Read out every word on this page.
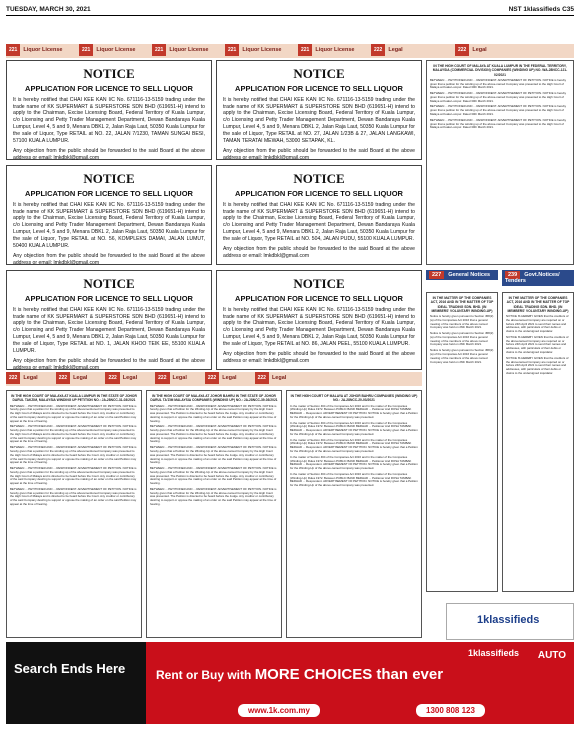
TUESDAY, MARCH 30, 2021	NST 1klassifieds C35
221 Liquor License	221 Liquor License	221 Liquor License	221 Liquor License	221 Liquor License	222 Legal	222 Legal
NOTICE
APPLICATION FOR LICENCE TO SELL LIQUOR

It is hereby notified that CHAI KEE KAN I/C No. 671116-13-5159 trading under the trade name of KK SUPERMART & SUPERSTORE SDN BHD (619651-H) intend to apply to the Chairman, Excise Licensing Board, Federal Territory of Kuala Lumpur, c/o Licensing and Petty Trader Management Department, Dewan Bandaraya Kuala Lumpur, Level 4, 5 and 9, Menara DBKL 2, Jalan Raja Laut, 50350 Kuala Lumpur for the sale of Liquor, Type RETAIL at NO. 22, JALAN 7/1230, TAMAN SUNGAI BESI, 57100 KUALA LUMPUR.

Any objection from the public should be forwarded to the said Board at the above address or email: lmkdbkl@gmail.com

NOTICE
APPLICATION FOR LICENCE TO SELL LIQUOR

It is hereby notified that CHAI KEE KAN I/C No. 671116-13-5159 trading under the trade name of KK SUPERMART & SUPERSTORE SDN BHD (619651-H) intend to apply to the Chairman, Excise Licensing Board, Federal Territory of Kuala Lumpur, c/o Licensing and Petty Trader Management Department, Dewan Bandaraya Kuala Lumpur, Level 4, 5 and 9, Menara DBKL 2, Jalan Raja Laut, 50350 Kuala Lumpur for the sale of Liquor, Type RETAIL at NO. 27, JALAN 1/23B & 27, JALAN LANGKAWI, TAMAN TERATAI MEWAH, 53000 SETAPAK, KL.

Any objection from the public should be forwarded to the said Board at the above address or email: lmkdbkl@gmail.com

NOTICE
APPLICATION FOR LICENCE TO SELL LIQUOR

It is hereby notified that CHAI KEE KAN I/C No. 671116-13-5159 trading under the trade name of KK SUPERMART & SUPERSTORE SDN BHD (619651-H) intend to apply to the Chairman, Excise Licensing Board, Federal Territory of Kuala Lumpur, c/o Licensing and Petty Trader Management Department, Dewan Bandaraya Kuala Lumpur, Level 4, 5 and 9, Menara DBKL 2, Jalan Raja Laut, 50350 Kuala Lumpur for the sale of Liquor, Type RETAIL at NO. 56, KOMPLEKS DAMAI, JALAN LUMUT, 50400 KUALA LUMPUR.

Any objection from the public should be forwarded to the said Board at the above address or email: lmkdbkl@gmail.com

NOTICE
APPLICATION FOR LICENCE TO SELL LIQUOR

It is hereby notified that CHAI KEE KAN I/C No. 671116-13-5159 trading under the trade name of KK SUPERMART & SUPERSTORE SDN BHD (619651-H) intend to apply to the Chairman, Excise Licensing Board, Federal Territory of Kuala Lumpur, c/o Licensing and Petty Trader Management Department, Dewan Bandaraya Kuala Lumpur, Level 4, 5 and 9, Menara DBKL 2, Jalan Raja Laut, 50350 Kuala Lumpur for the sale of Liquor, Type RETAIL at NO. 504, JALAN PUDU, 55100 KUALA LUMPUR.

Any objection from the public should be forwarded to the said Board at the above address or email: lmkdbkl@gmail.com

NOTICE
APPLICATION FOR LICENCE TO SELL LIQUOR

It is hereby notified that CHAI KEE KAN I/C No. 671116-13-5159 trading under the trade name of KK SUPERMART & SUPERSTORE SDN BHD (619651-H) intend to apply to the Chairman, Excise Licensing Board, Federal Territory of Kuala Lumpur, c/o Licensing and Petty Trader Management Department, Dewan Bandaraya Kuala Lumpur, Level 4, 5 and 9, Menara DBKL 2, Jalan Raja Laut, 50350 Kuala Lumpur for the sale of Liquor, Type RETAIL at NO. 1, JALAN KHOO TEIK EE, 55100 KUALA LUMPUR.

Any objection from the public should be forwarded to the said Board at the above address or email: lmkdbkl@gmail.com

NOTICE
APPLICATION FOR LICENCE TO SELL LIQUOR

It is hereby notified that CHAI KEE KAN I/C No. 671116-13-5159 trading under the trade name of KK SUPERMART & SUPERSTORE SDN BHD (619651-H) intend to apply to the Chairman, Excise Licensing Board, Federal Territory of Kuala Lumpur, c/o Licensing and Petty Trader Management Department, Dewan Bandaraya Kuala Lumpur, Level 4, 5 and 9, Menara DBKL 2, Jalan Raja Laut, 50350 Kuala Lumpur for the sale of Liquor, Type RETAIL at NO. 86, JALAN PEEL, 55100 KUALA LUMPUR.

Any objection from the public should be forwarded to the said Board at the above address or email: lmkdbkl@gmail.com

IN THE HIGH COURT OF MALAYA AT KUALA LUMPUR IN THE FEDERAL TERRITORY, MALAYSIA (COMMERCIAL DIVISION) COMPANIES (WINDING UP) NO. WA-28NCC-121-02/2021
BETWEEN ... PETITIONER AND ... RESPONDENT. ADVERTISEMENT OF PETITION. NOTICE is hereby given that a petition for the winding up of the above-named Company was presented to the High Court of Malaya at Kuala Lumpur. Dated 30th March 2021.
BETWEEN ... PETITIONER AND ... RESPONDENT. ADVERTISEMENT OF PETITION. NOTICE is hereby given that a petition for the winding up of the above-named Company was presented to the High Court of Malaya at Kuala Lumpur. Dated 30th March 2021.
BETWEEN ... PETITIONER AND ... RESPONDENT. ADVERTISEMENT OF PETITION. NOTICE is hereby given that a petition for the winding up of the above-named Company was presented to the High Court of Malaya at Kuala Lumpur. Dated 30th March 2021.
BETWEEN ... PETITIONER AND ... RESPONDENT. ADVERTISEMENT OF PETITION. NOTICE is hereby given that a petition for the winding up of the above-named Company was presented to the High Court of Malaya at Kuala Lumpur. Dated 30th March 2021.
227 General Notices	239 Govt.Notices/ Tenders
IN THE MATTER OF THE COMPANIES ACT, 2016 AND IN THE MATTER OF TOP IDEAL TRADING SDN. BHD. (IN MEMBERS' VOLUNTARY WINDING-UP)
Notice is hereby given pursuant to Section 458(2)(a) of the Companies Act 2016 that a general meeting of the members of the above named Company was held on 26th March 2021.
Notice is hereby given pursuant to Section 458(2)(a) of the Companies Act 2016 that a general meeting of the members of the above named Company was held on 26th March 2021.
Notice is hereby given pursuant to Section 458(2)(a) of the Companies Act 2016 that a general meeting of the members of the above named Company was held on 26th March 2021.
IN THE MATTER OF THE COMPANIES ACT, 2016 AND IN THE MATTER OF TOP IDEAL TRADING SDN. BHD. (IN MEMBERS' VOLUNTARY WINDING-UP)
NOTICE IS HEREBY GIVEN that the creditors of the abovenamed Company are required on or before 24th April 2021 to send their names and addresses, with particulars of their debts or claims to the undersigned Liquidator.
NOTICE IS HEREBY GIVEN that the creditors of the abovenamed Company are required on or before 24th April 2021 to send their names and addresses, with particulars of their debts or claims to the undersigned Liquidator.
NOTICE IS HEREBY GIVEN that the creditors of the abovenamed Company are required on or before 24th April 2021 to send their names and addresses, with particulars of their debts or claims to the undersigned Liquidator.
222 Legal	222 Legal	222 Legal	222 Legal	222 Legal	222 Legal
IN THE HIGH COURT OF MALAYA AT KUALA LUMPUR IN THE STATE OF JOHOR DARUL TAKZIM, MALAYSIA WINDING UP PETITION NO.: JA-28NCC-31-03/2021
BETWEEN ... PETITIONER AND ... RESPONDENT. ADVERTISEMENT OF PETITION. NOTICE is hereby given that a petition for the winding up of the abovementioned Company was presented to the High Court of Malaya and is directed to be heard before the Court. Any creditor or contributory of the said Company desiring to support or oppose the making of an order on the said Petition may appear at the time of hearing.
BETWEEN ... PETITIONER AND ... RESPONDENT. ADVERTISEMENT OF PETITION. NOTICE is hereby given that a petition for the winding up of the abovementioned Company was presented to the High Court of Malaya and is directed to be heard before the Court. Any creditor or contributory of the said Company desiring to support or oppose the making of an order on the said Petition may appear at the time of hearing.
BETWEEN ... PETITIONER AND ... RESPONDENT. ADVERTISEMENT OF PETITION. NOTICE is hereby given that a petition for the winding up of the abovementioned Company was presented to the High Court of Malaya and is directed to be heard before the Court. Any creditor or contributory of the said Company desiring to support or oppose the making of an order on the said Petition may appear at the time of hearing.
BETWEEN ... PETITIONER AND ... RESPONDENT. ADVERTISEMENT OF PETITION. NOTICE is hereby given that a petition for the winding up of the abovementioned Company was presented to the High Court of Malaya and is directed to be heard before the Court. Any creditor or contributory of the said Company desiring to support or oppose the making of an order on the said Petition may appear at the time of hearing.
BETWEEN ... PETITIONER AND ... RESPONDENT. ADVERTISEMENT OF PETITION. NOTICE is hereby given that a petition for the winding up of the abovementioned Company was presented to the High Court of Malaya and is directed to be heard before the Court. Any creditor or contributory of the said Company desiring to support or oppose the making of an order on the said Petition may appear at the time of hearing.
IN THE HIGH COURT OF MALAYA AT JOHOR BAHRU IN THE STATE OF JOHOR DARUL TA'ZIM MALAYSIA COMPANIES (WINDING UP) NO.: JA-28NCC-39-03/2021
BETWEEN ... PETITIONER AND ... RESPONDENT. ADVERTISEMENT OF PETITION. NOTICE is hereby given that a Petition for the Winding-Up of the above-named Company by the High Court was presented. The Petition is directed to be heard before the Judge. Any creditor or contributory desiring to support or oppose the making of an order on the said Petition may appear at the time of hearing.
BETWEEN ... PETITIONER AND ... RESPONDENT. ADVERTISEMENT OF PETITION. NOTICE is hereby given that a Petition for the Winding-Up of the above-named Company by the High Court was presented. The Petition is directed to be heard before the Judge. Any creditor or contributory desiring to support or oppose the making of an order on the said Petition may appear at the time of hearing.
BETWEEN ... PETITIONER AND ... RESPONDENT. ADVERTISEMENT OF PETITION. NOTICE is hereby given that a Petition for the Winding-Up of the above-named Company by the High Court was presented. The Petition is directed to be heard before the Judge. Any creditor or contributory desiring to support or oppose the making of an order on the said Petition may appear at the time of hearing.
BETWEEN ... PETITIONER AND ... RESPONDENT. ADVERTISEMENT OF PETITION. NOTICE is hereby given that a Petition for the Winding-Up of the above-named Company by the High Court was presented. The Petition is directed to be heard before the Judge. Any creditor or contributory desiring to support or oppose the making of an order on the said Petition may appear at the time of hearing.
BETWEEN ... PETITIONER AND ... RESPONDENT. ADVERTISEMENT OF PETITION. NOTICE is hereby given that a Petition for the Winding-Up of the above-named Company by the High Court was presented. The Petition is directed to be heard before the Judge. Any creditor or contributory desiring to support or oppose the making of an order on the said Petition may appear at the time of hearing.
IN THE HIGH COURT OF MALAYA AT JOHOR BAHRU COMPANIES (WINDING UP) NO.: JA-28NCC-20-03/2021
In the matter of Section 464 of the Companies Act 2016 and In the matter of the Companies (Winding-Up) Rules 1972. Between PUBLIC BANK BERHAD ... Petitioner And ROSA TAMBAK BERHAD ... Respondent. ADVERTISEMENT OF PETITION. NOTICE is hereby given that a Petition for the Winding-Up of the above-named Company was presented.
In the matter of Section 464 of the Companies Act 2016 and In the matter of the Companies (Winding-Up) Rules 1972. Between PUBLIC BANK BERHAD ... Petitioner And ROSA TAMBAK BERHAD ... Respondent. ADVERTISEMENT OF PETITION. NOTICE is hereby given that a Petition for the Winding-Up of the above-named Company was presented.
In the matter of Section 464 of the Companies Act 2016 and In the matter of the Companies (Winding-Up) Rules 1972. Between PUBLIC BANK BERHAD ... Petitioner And ROSA TAMBAK BERHAD ... Respondent. ADVERTISEMENT OF PETITION. NOTICE is hereby given that a Petition for the Winding-Up of the above-named Company was presented.
In the matter of Section 464 of the Companies Act 2016 and In the matter of the Companies (Winding-Up) Rules 1972. Between PUBLIC BANK BERHAD ... Petitioner And ROSA TAMBAK BERHAD ... Respondent. ADVERTISEMENT OF PETITION. NOTICE is hereby given that a Petition for the Winding-Up of the above-named Company was presented.
In the matter of Section 464 of the Companies Act 2016 and In the matter of the Companies (Winding-Up) Rules 1972. Between PUBLIC BANK BERHAD ... Petitioner And ROSA TAMBAK BERHAD ... Respondent. ADVERTISEMENT OF PETITION. NOTICE is hereby given that a Petition for the Winding-Up of the above-named Company was presented.
1klassifieds
Search Ends Here	Rent or Buy with MORE CHOICES than ever
1klassifieds AUTO
www.1k.com.my	1300 808 123
